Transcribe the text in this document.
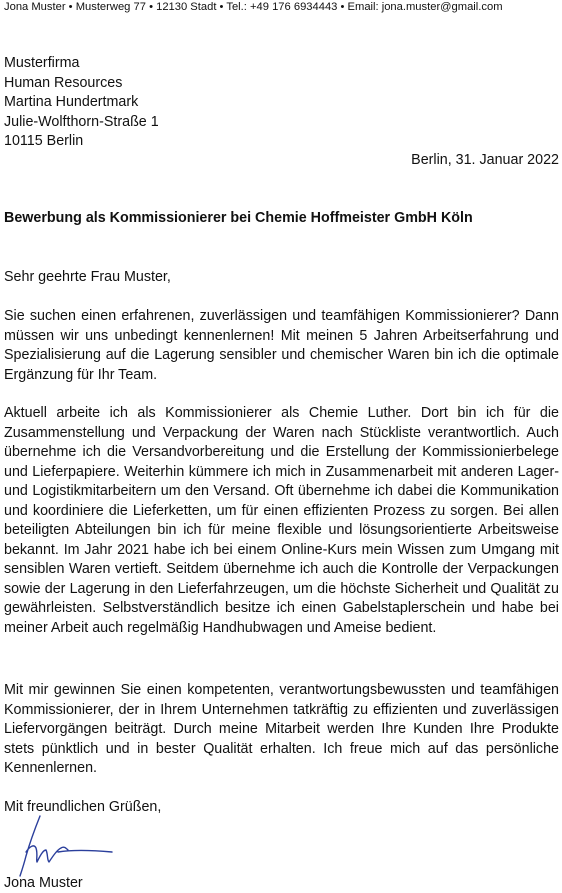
Jona Muster • Musterweg 77 • 12130 Stadt • Tel.: +49 176 6934443 • Email: jona.muster@gmail.com
Musterfirma
Human Resources
Martina Hundertmark
Julie-Wolfthorn-Straße 1
10115 Berlin
Berlin, 31. Januar 2022
Bewerbung als Kommissionierer bei Chemie Hoffmeister GmbH Köln
Sehr geehrte Frau Muster,
Sie suchen einen erfahrenen, zuverlässigen und teamfähigen Kommissionierer? Dann müssen wir uns unbedingt kennenlernen! Mit meinen 5 Jahren Arbeitserfahrung und Spezialisierung auf die Lagerung sensibler und chemischer Waren bin ich die optimale Ergänzung für Ihr Team.
Aktuell arbeite ich als Kommissionierer als Chemie Luther. Dort bin ich für die Zusammenstellung und Verpackung der Waren nach Stückliste verantwortlich. Auch übernehme ich die Versandvorbereitung und die Erstellung der Kommissionierbelege und Lieferpapiere. Weiterhin kümmere ich mich in Zusammenarbeit mit anderen Lager- und Logistikmitarbeitern um den Versand. Oft übernehme ich dabei die Kommunikation und koordiniere die Lieferketten, um für einen effizienten Prozess zu sorgen. Bei allen beteiligten Abteilungen bin ich für meine flexible und lösungsorientierte Arbeitsweise bekannt. Im Jahr 2021 habe ich bei einem Online-Kurs mein Wissen zum Umgang mit sensiblen Waren vertieft. Seitdem übernehme ich auch die Kontrolle der Verpackungen sowie der Lagerung in den Lieferfahrzeugen, um die höchste Sicherheit und Qualität zu gewährleisten. Selbstverständlich besitze ich einen Gabelstaplerschein und habe bei meiner Arbeit auch regelmäßig Handhubwagen und Ameise bedient.
Mit mir gewinnen Sie einen kompetenten, verantwortungsbewussten und teamfähigen Kommissionierer, der in Ihrem Unternehmen tatkräftig zu effizienten und zuverlässigen Liefervorgängen beiträgt. Durch meine Mitarbeit werden Ihre Kunden Ihre Produkte stets pünktlich und in bester Qualität erhalten. Ich freue mich auf das persönliche Kennenlernen.
Mit freundlichen Grüßen,
Jona Muster
